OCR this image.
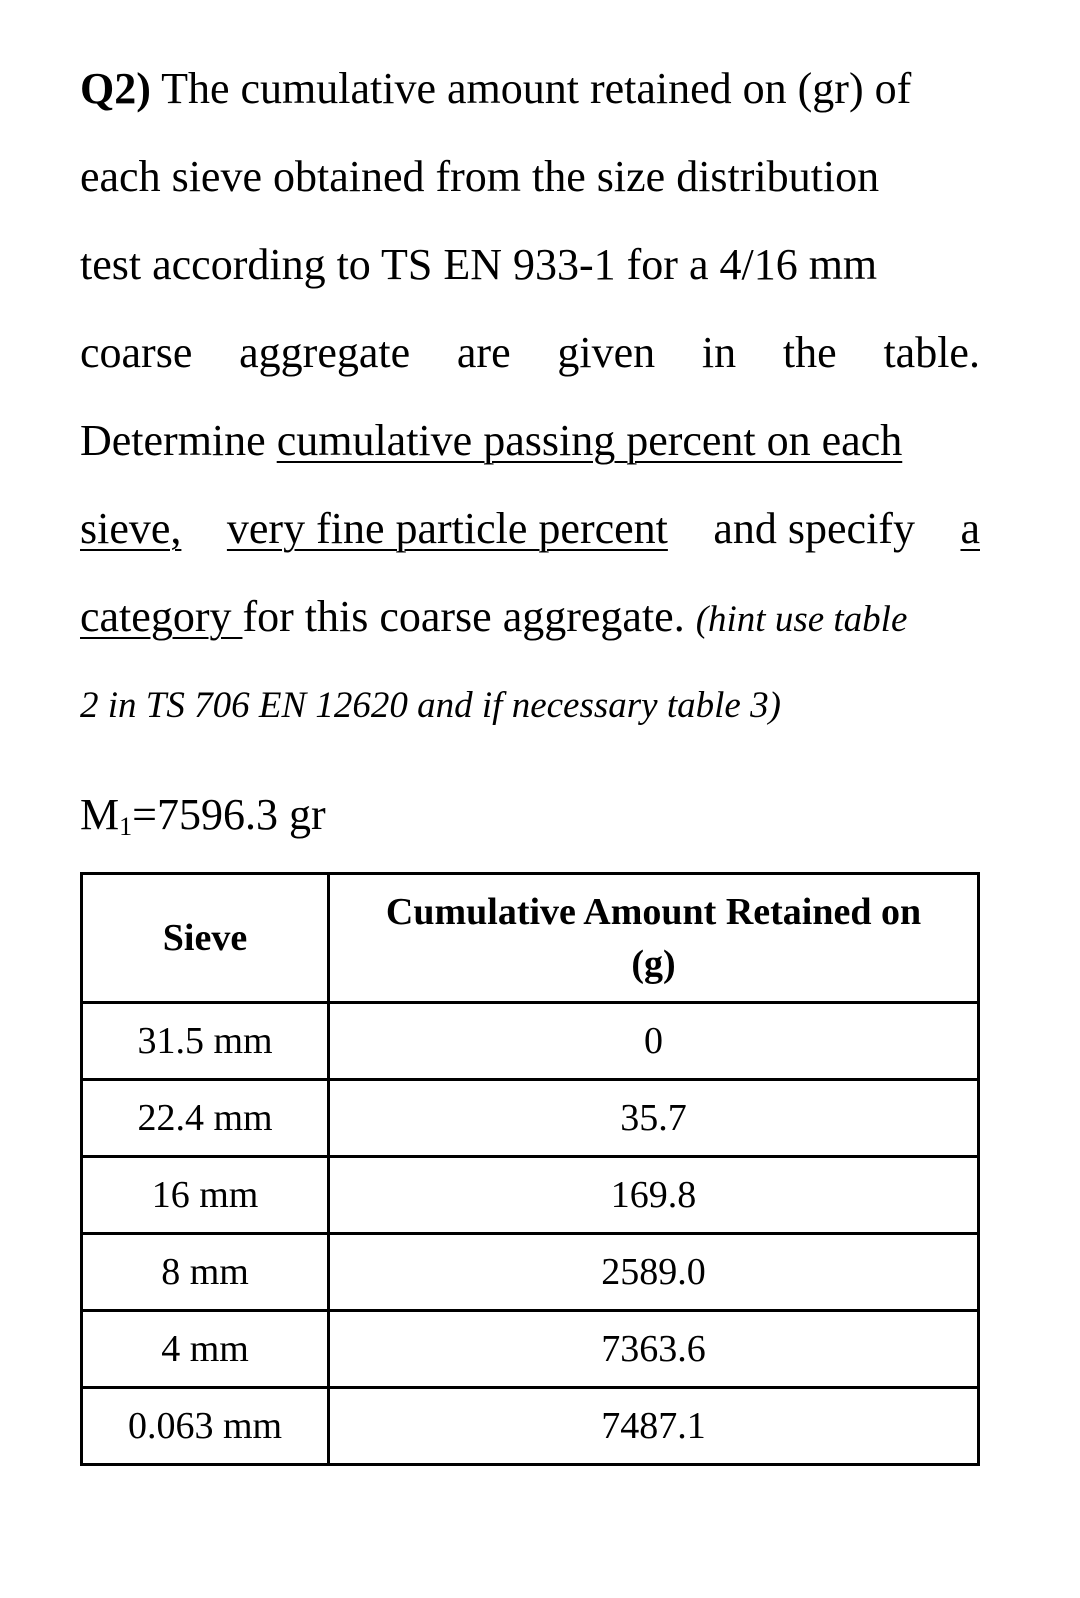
Q2) The cumulative amount retained on (gr) of
each sieve obtained from the size distribution
test according to TS EN 933-1 for a 4/16 mm
coarse aggregate are given in the table.
Determine cumulative passing percent on each
sieve, very fine particle percent and specify a
category for this coarse aggregate. (hint use table
2 in TS 706 EN 12620 and if necessary table 3)
$M_1=7596.3$ gr
Sieve	Cumulative Amount Retained on
(g)
31.5 mm	0
22.4 mm	35.7
16 mm	169.8
8 mm	2589.0
4 mm	7363.6
0.063 mm	7487.1
